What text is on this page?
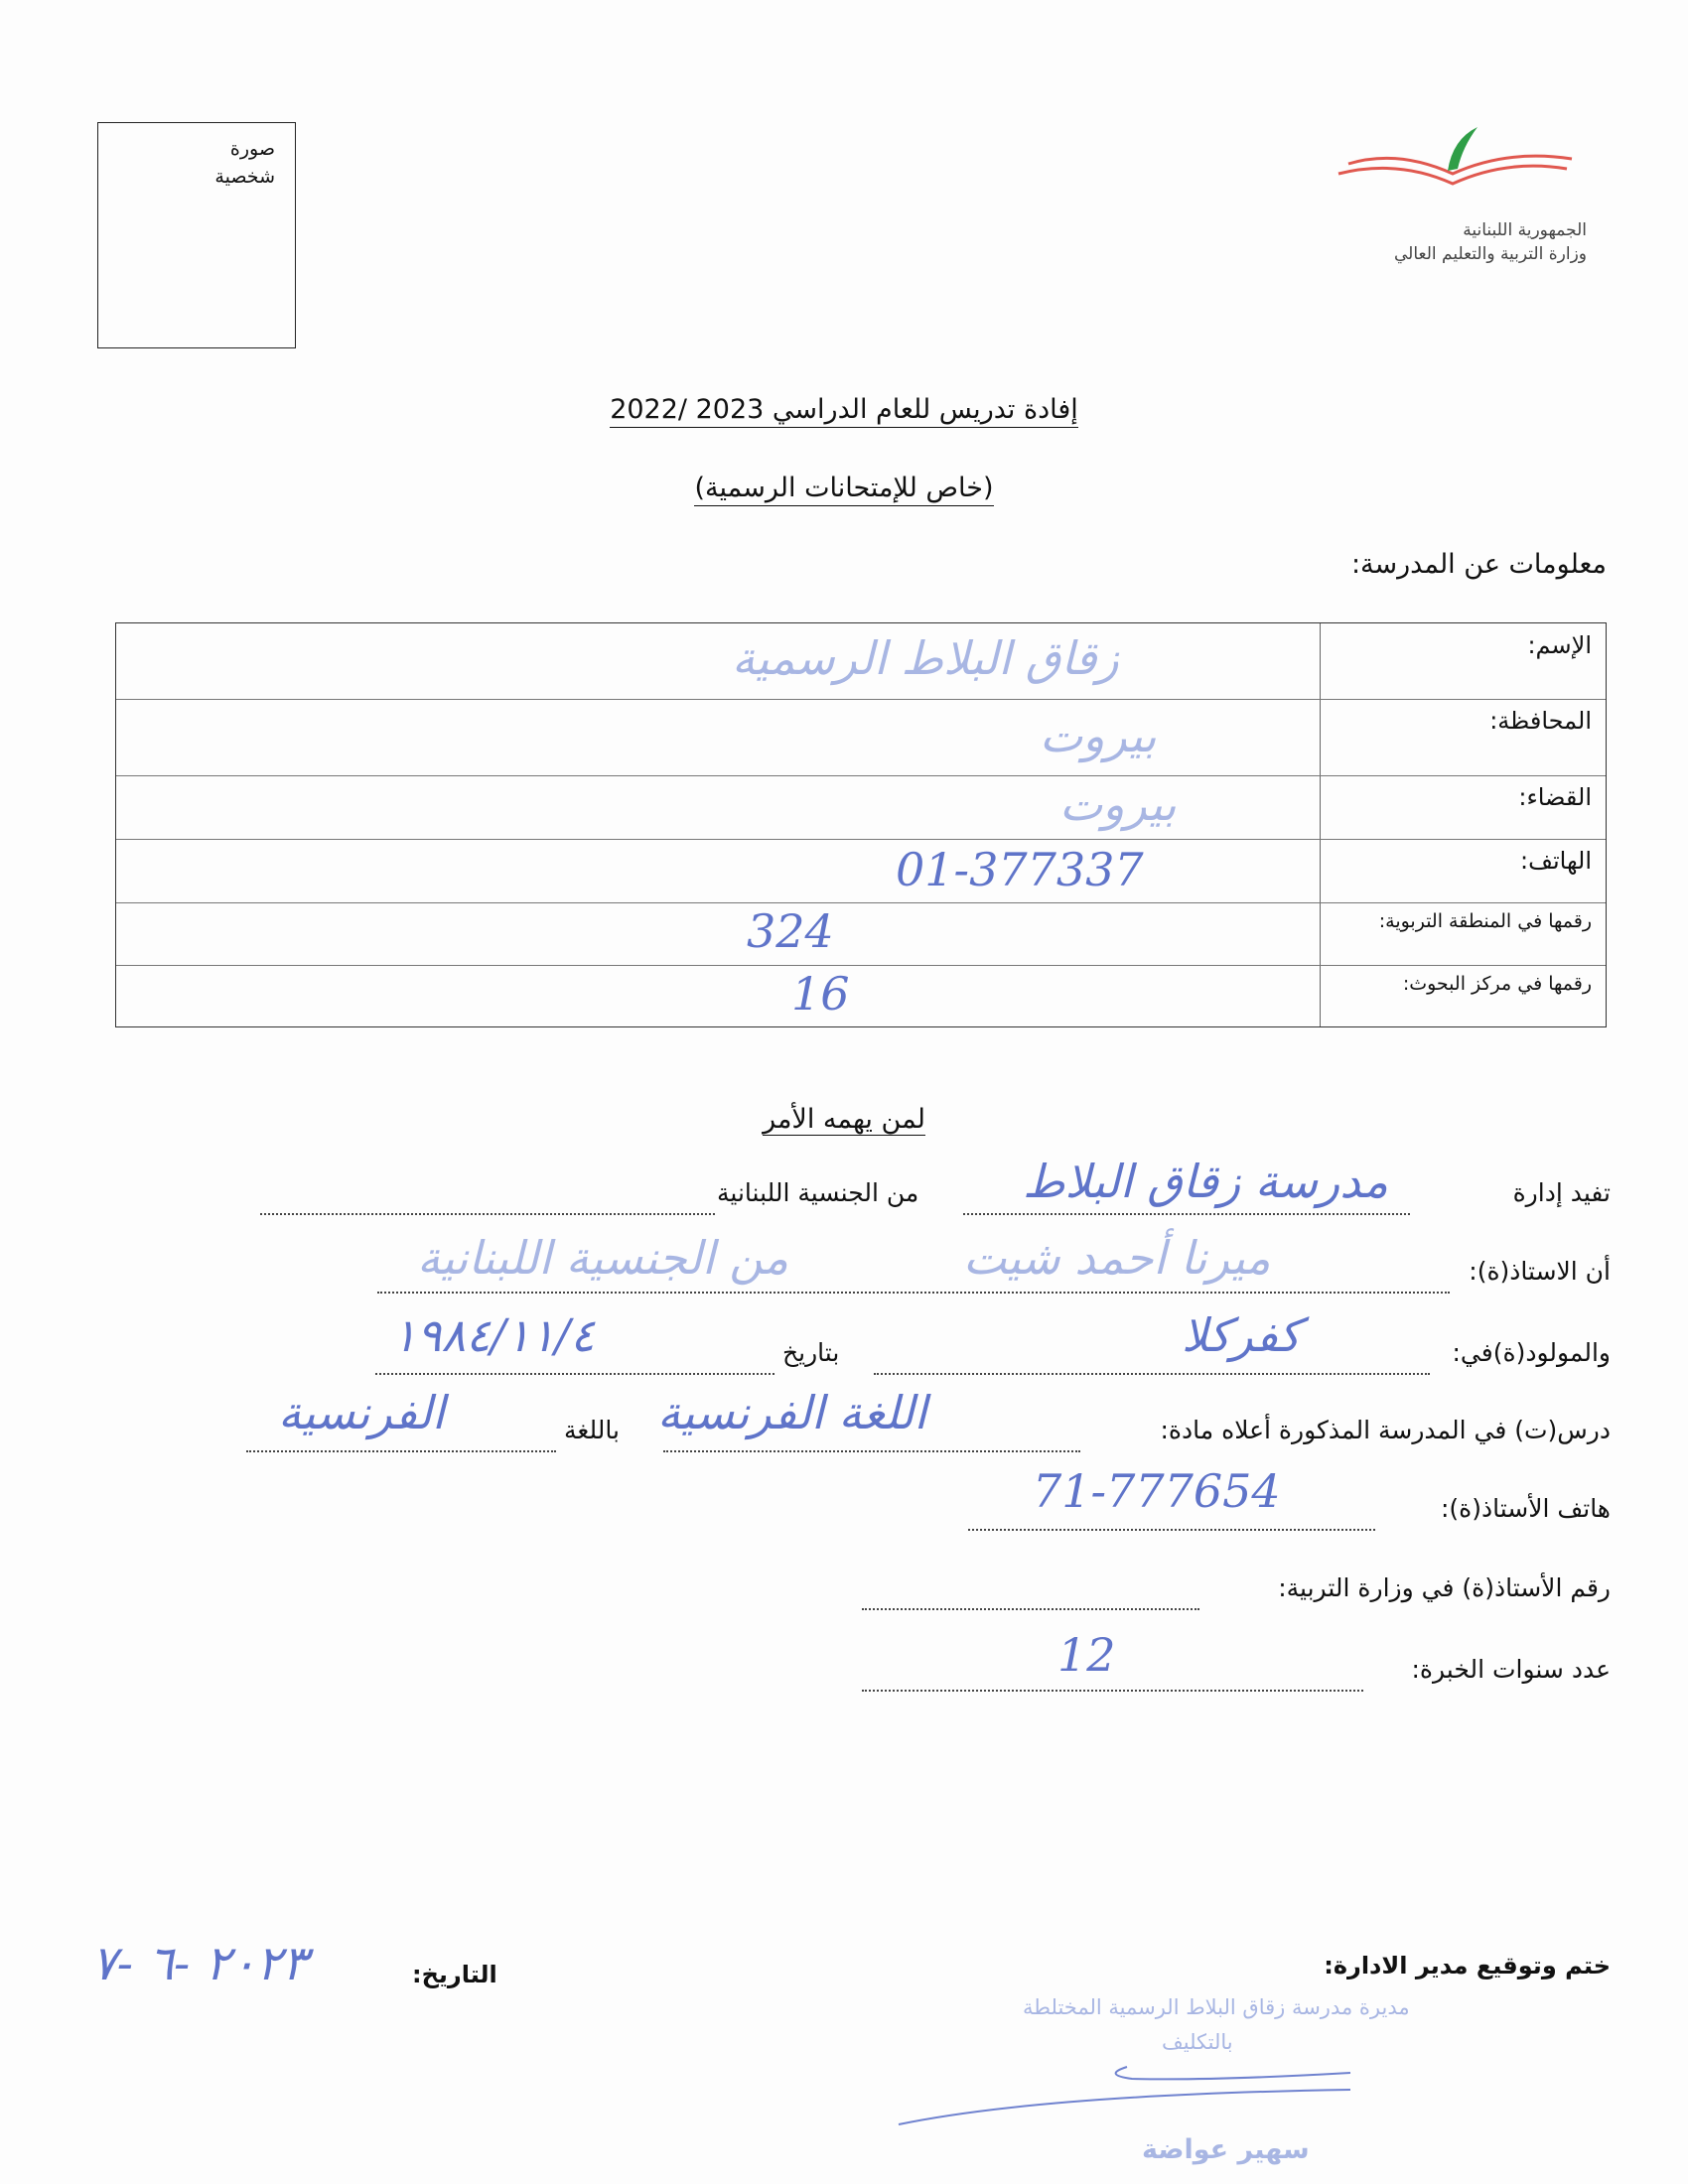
صورة
شخصية
الجمهورية اللبنانية
وزارة التربية والتعليم العالي
إفادة تدريس للعام الدراسي 2023 /2022
(خاص للإمتحانات الرسمية)
معلومات عن المدرسة:
الإسم:
زقاق البلاط الرسمية
المحافظة:
بيروت
القضاء:
بيروت
الهاتف:
01-377337
رقمها في المنطقة التربوية:
324
رقمها في مركز البحوث:
16
لمن يهمه الأمر
تفيد إدارة
مدرسة زقاق البلاط
من الجنسية اللبنانية
أن الاستاذ(ة):
ميرنا أحمد شيت
من الجنسية اللبنانية
والمولود(ة)في:
كفركلا
بتاريخ
١٩٨٤/١١/٤
درس(ت) في المدرسة المذكورة أعلاه مادة:
اللغة الفرنسية
باللغة
الفرنسية
هاتف الأستاذ(ة):
71-777654
رقم الأستاذ(ة) في وزارة التربية:
عدد سنوات الخبرة:
12
ختم وتوقيع مدير الادارة:
التاريخ:
٢٠٢٣ -٦ -٧
مديرة مدرسة زقاق البلاط الرسمية المختلطة
بالتكليف
سهير عواضة
